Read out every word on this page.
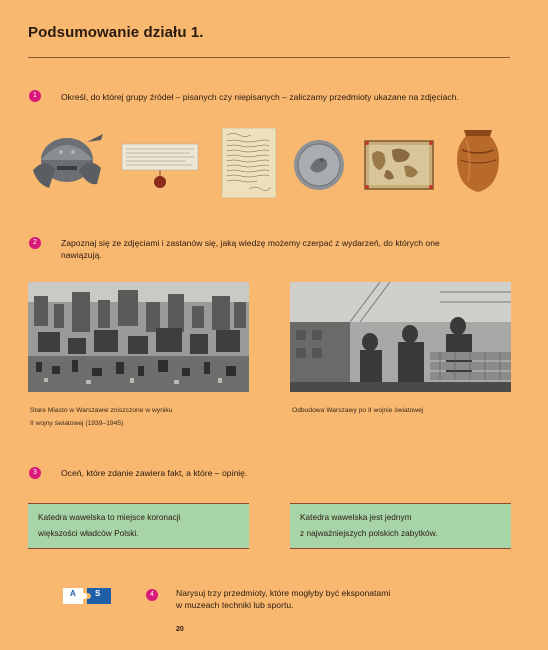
Podsumowanie działu 1.
1	Określ, do której grupy źródeł – pisanych czy niepisanych – zaliczamy przedmioty ukazane na zdjęciach.
2	Zapoznaj się ze zdjęciami i zastanów się, jaką wiedzę możemy czerpać z wydarzeń, do których one
nawiązują.
Stare Miasto w Warszawie zniszczone w wyniku
II wojny światowej (1939–1945)
Odbudowa Warszawy po II wojnie światowej
3	Oceń, które zdanie zawiera fakt, a które – opinię.
Katedra wawelska to miejsce koronacji
większości władców Polski.
Katedra wawelska jest jednym
z najważniejszych polskich zabytków.
A S	4	Narysuj trzy przedmioty, które mogłyby być eksponatami
w muzeach techniki lub sportu.
20
